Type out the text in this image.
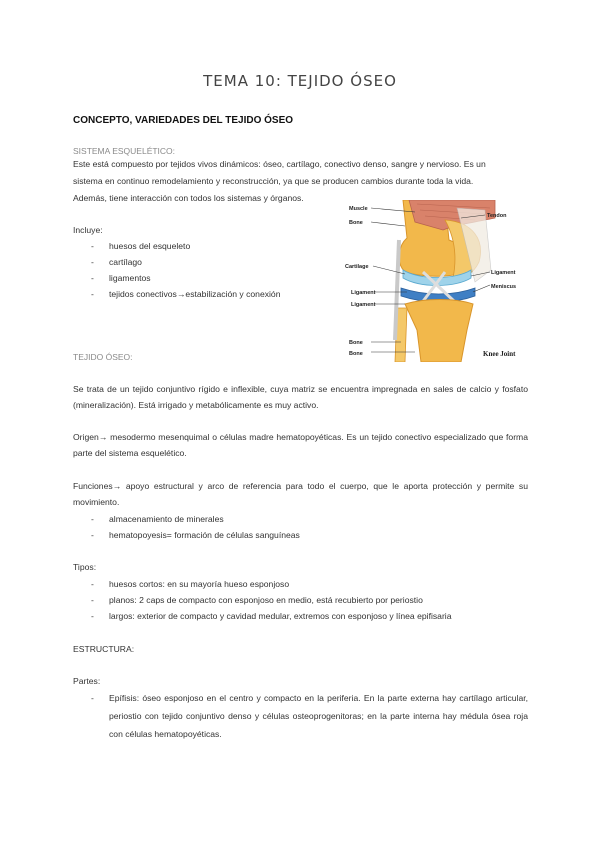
TEMA 10: TEJIDO ÓSEO
CONCEPTO, VARIEDADES DEL TEJIDO ÓSEO

SISTEMA ESQUELÉTICO:

Este está compuesto por tejidos vivos dinámicos: óseo, cartílago, conectivo denso, sangre y nervioso. Es un

sistema en continuo remodelamiento y reconstrucción, ya que se producen cambios durante toda la vida.

Además, tiene interacción con todos los sistemas y órganos.

Incluye:

- huesos del esqueleto
- cartílago
- ligamentos
- tejidos conectivos→estabilización y conexión
Muscle
Bone
Tendon
Cartilage
Ligament
Meniscus
Ligament
Ligament
Bone
Bone	Knee Joint

TEJIDO ÓSEO:

Se trata de un tejido conjuntivo rígido e inflexible, cuya matriz se encuentra impregnada en sales de calcio y fosfato (mineralización). Está irrigado y metabólicamente es muy activo.

Origen→ mesodermo mesenquimal o células madre hematopoyéticas. Es un tejido conectivo especializado que forma parte del sistema esquelético.

Funciones→ apoyo estructural y arco de referencia para todo el cuerpo, que le aporta protección y permite su movimiento.

- almacenamiento de minerales
- hematopoyesis= formación de células sanguíneas

Tipos:

- huesos cortos: en su mayoría hueso esponjoso
- planos: 2 caps de compacto con esponjoso en medio, está recubierto por periostio
- largos: exterior de compacto y cavidad medular, extremos con esponjoso y línea epifisaria

ESTRUCTURA:

Partes:

- Epífisis: óseo esponjoso en el centro y compacto en la periferia. En la parte externa hay cartílago articular, periostio con tejido conjuntivo denso y células osteoprogenitoras; en la parte interna hay médula ósea roja con células hematopoyéticas.
